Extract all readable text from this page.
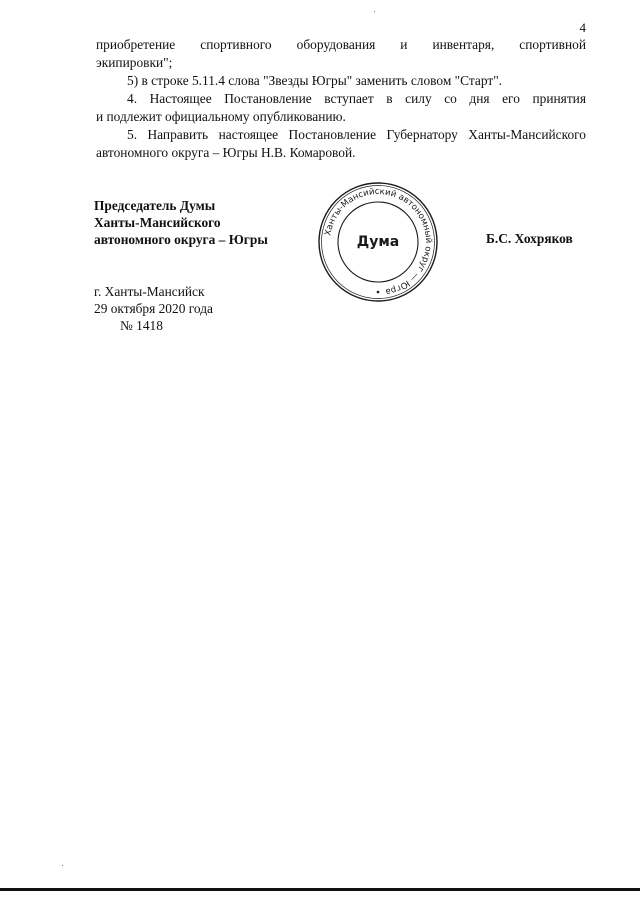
4
приобретение спортивного оборудования и инвентаря, спортивной
экипировки";
5) в строке 5.11.4 слова "Звезды Югры" заменить словом "Старт".
4. Настоящее Постановление вступает в силу со дня его принятия
и подлежит официальному опубликованию.
5. Направить настоящее Постановление Губернатору Ханты-Мансийского
автономного округа – Югры Н.В. Комаровой.
Председатель Думы
Ханты-Мансийского
автономного округа – Югры	Ханты-Мансийский автономный округ — Югра
Дума	Б.С. Хохряков
г. Ханты-Мансийск
29 октября 2020 года
№ 1418
